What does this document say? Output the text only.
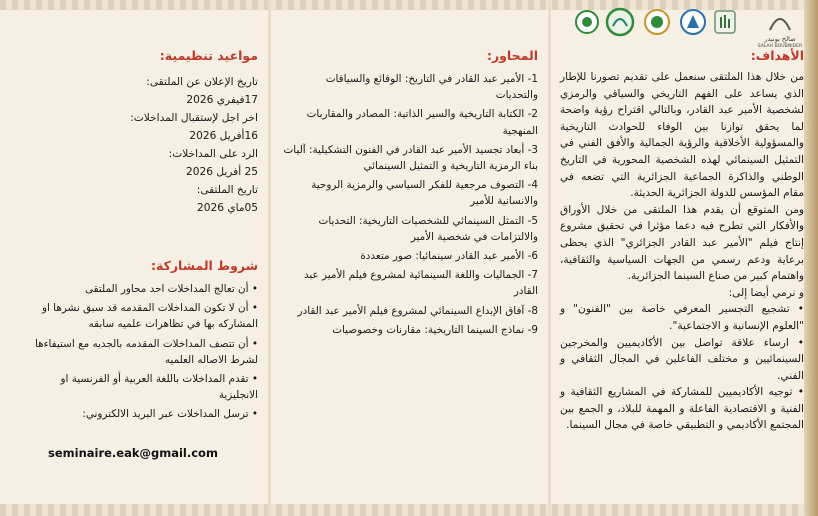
صالح بونيدر
SALAH BOUBNIDER

الأهداف:

من خلال هذا الملتقى سنعمل على تقديم تصورنا للإطار الذي يساعد على الفهم التاريخي والسياقي والرمزي لشخصية الأمير عبد القادر، وبالتالي اقتراح رؤية واضحة لما يحقق توازنا بين الوفاء للحوادث التاريخية والمسؤولية الأخلاقية والرؤية الجمالية والأفق الفني في التمثيل السينمائي لهذه الشخصية المحورية في التاريخ الوطني والذاكرة الجماعية الجزائرية التي تضعه في مقام المؤسس للدولة الجزائرية الحديثة.

ومن المتوقع أن يقدم هذا الملتقى من خلال الأوراق والأفكار التي تطرح فيه دعما مؤثرا في تحقيق مشروع إنتاج فيلم "الأمير عبد القادر الجزائري" الذي يحظى برعاية ودعم رسمي من الجهات السياسية والثقافية، واهتمام كبير من صناع السينما الجزائرية.

و نرمي أيضا إلى:

• تشجيع التجسير المعرفي خاصة بين "الفنون" و "العلوم الإنسانية و الاجتماعية".

• ارساء علاقة تواصل بين الأكاديميين والمخرجين السينمائيين و مختلف الفاعلين في المجال الثقافي و الفني.

• توجيه الأكاديميين للمشاركة في المشاريع الثقافية و الفنية و الاقتصادية الفاعلة و المهمة للبلاد، و الجمع بين المجتمع الأكاديمي و التطبيقي خاصة في مجال السينما.

المحاور:

1- الأمير عبد القادر في التاريخ: الوقائع والسياقات والتحديات

2- الكتابة التاريخية والسير الذاتية: المصادر والمقاربات المنهجية

3- أبعاد تجسيد الأمير عبد القادر في الفنون التشكيلية: آليات بناء الرمزية التاريخية و التمثيل السينمائي

4- التصوف مرجعية للفكر السياسي والرمزية الروحية والانسانية للأمير

5- التمثل السينمائي للشخصيات التاريخية: التحديات والالتزامات في شخصية الأمير

6- الأمير عبد القادر سينمائيا: صور متعددة

7- الجماليات واللغة السينمائية لمشروع فيلم الأمير عبد القادر

8- آفاق الإبداع السينمائي لمشروع فيلم الأمير عبد القادر

9- نماذج السينما التاريخية: مقارنات وخصوصيات

مواعيد تنظيمية:

تاريخ الإعلان عن الملتقى:

17فيفري 2026

اخر اجل لإستقبال المداخلات:

16أفريل 2026

الرد على المداخلات:

25 أفريل 2026

تاريخ الملتقى:

05ماي 2026

شروط المشاركة:

• أن تعالج المداخلات احد محاور الملتقى

• أن لا تكون المداخلات المقدمه قد سبق نشرها او المشاركه بها في تظاهرات علميه سابقه

• أن تتصف المداخلات المقدمه بالجديه مع استيفاءها لشرط الاصاله العلميه

• تقدم المداخلات باللغة العربية أو الفرنسية او الانجليزية

• ترسل المداخلات عبر البريد الالكتروني:

seminaire.eak@gmail.com
